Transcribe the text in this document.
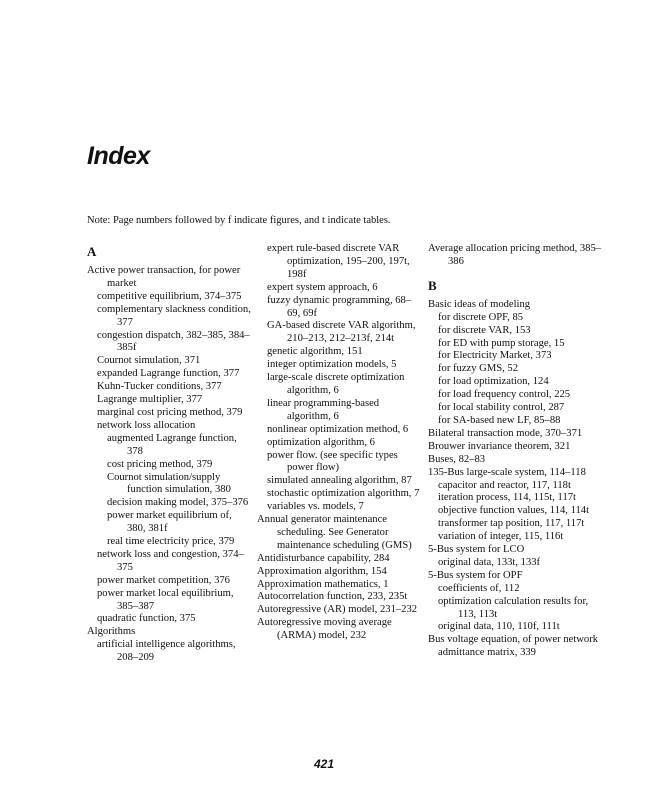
Index
Note: Page numbers followed by f indicate figures, and t indicate tables.
A
Active power transaction, for power market
competitive equilibrium, 374–375
complementary slackness condition, 377
congestion dispatch, 382–385, 384–385f
Cournot simulation, 371
expanded Lagrange function, 377
Kuhn-Tucker conditions, 377
Lagrange multiplier, 377
marginal cost pricing method, 379
network loss allocation
augmented Lagrange function, 378
cost pricing method, 379
Cournot simulation/supply function simulation, 380
decision making model, 375–376
power market equilibrium of, 380, 381f
real time electricity price, 379
network loss and congestion, 374–375
power market competition, 376
power market local equilibrium, 385–387
quadratic function, 375
Algorithms
artificial intelligence algorithms, 208–209
expert rule-based discrete VAR optimization, 195–200, 197t, 198f
expert system approach, 6
fuzzy dynamic programming, 68–69, 69f
GA-based discrete VAR algorithm, 210–213, 212–213f, 214t
genetic algorithm, 151
integer optimization models, 5
large-scale discrete optimization algorithm, 6
linear programming-based algorithm, 6
nonlinear optimization method, 6
optimization algorithm, 6
power flow. (see specific types power flow)
simulated annealing algorithm, 87
stochastic optimization algorithm, 7
variables vs. models, 7
Annual generator maintenance scheduling. See Generator maintenance scheduling (GMS)
Antidisturbance capability, 284
Approximation algorithm, 154
Approximation mathematics, 1
Autocorrelation function, 233, 235t
Autoregressive (AR) model, 231–232
Autoregressive moving average (ARMA) model, 232
Average allocation pricing method, 385–386
B
Basic ideas of modeling
for discrete OPF, 85
for discrete VAR, 153
for ED with pump storage, 15
for Electricity Market, 373
for fuzzy GMS, 52
for load optimization, 124
for load frequency control, 225
for local stability control, 287
for SA-based new LF, 85–88
Bilateral transaction mode, 370–371
Brouwer invariance theorem, 321
Buses, 82–83
135-Bus large-scale system, 114–118
capacitor and reactor, 117, 118t
iteration process, 114, 115t, 117t
objective function values, 114, 114t
transformer tap position, 117, 117t
variation of integer, 115, 116t
5-Bus system for LCO
original data, 133t, 133f
5-Bus system for OPF
coefficients of, 112
optimization calculation results for, 113, 113t
original data, 110, 110f, 111t
Bus voltage equation, of power network
admittance matrix, 339
421
